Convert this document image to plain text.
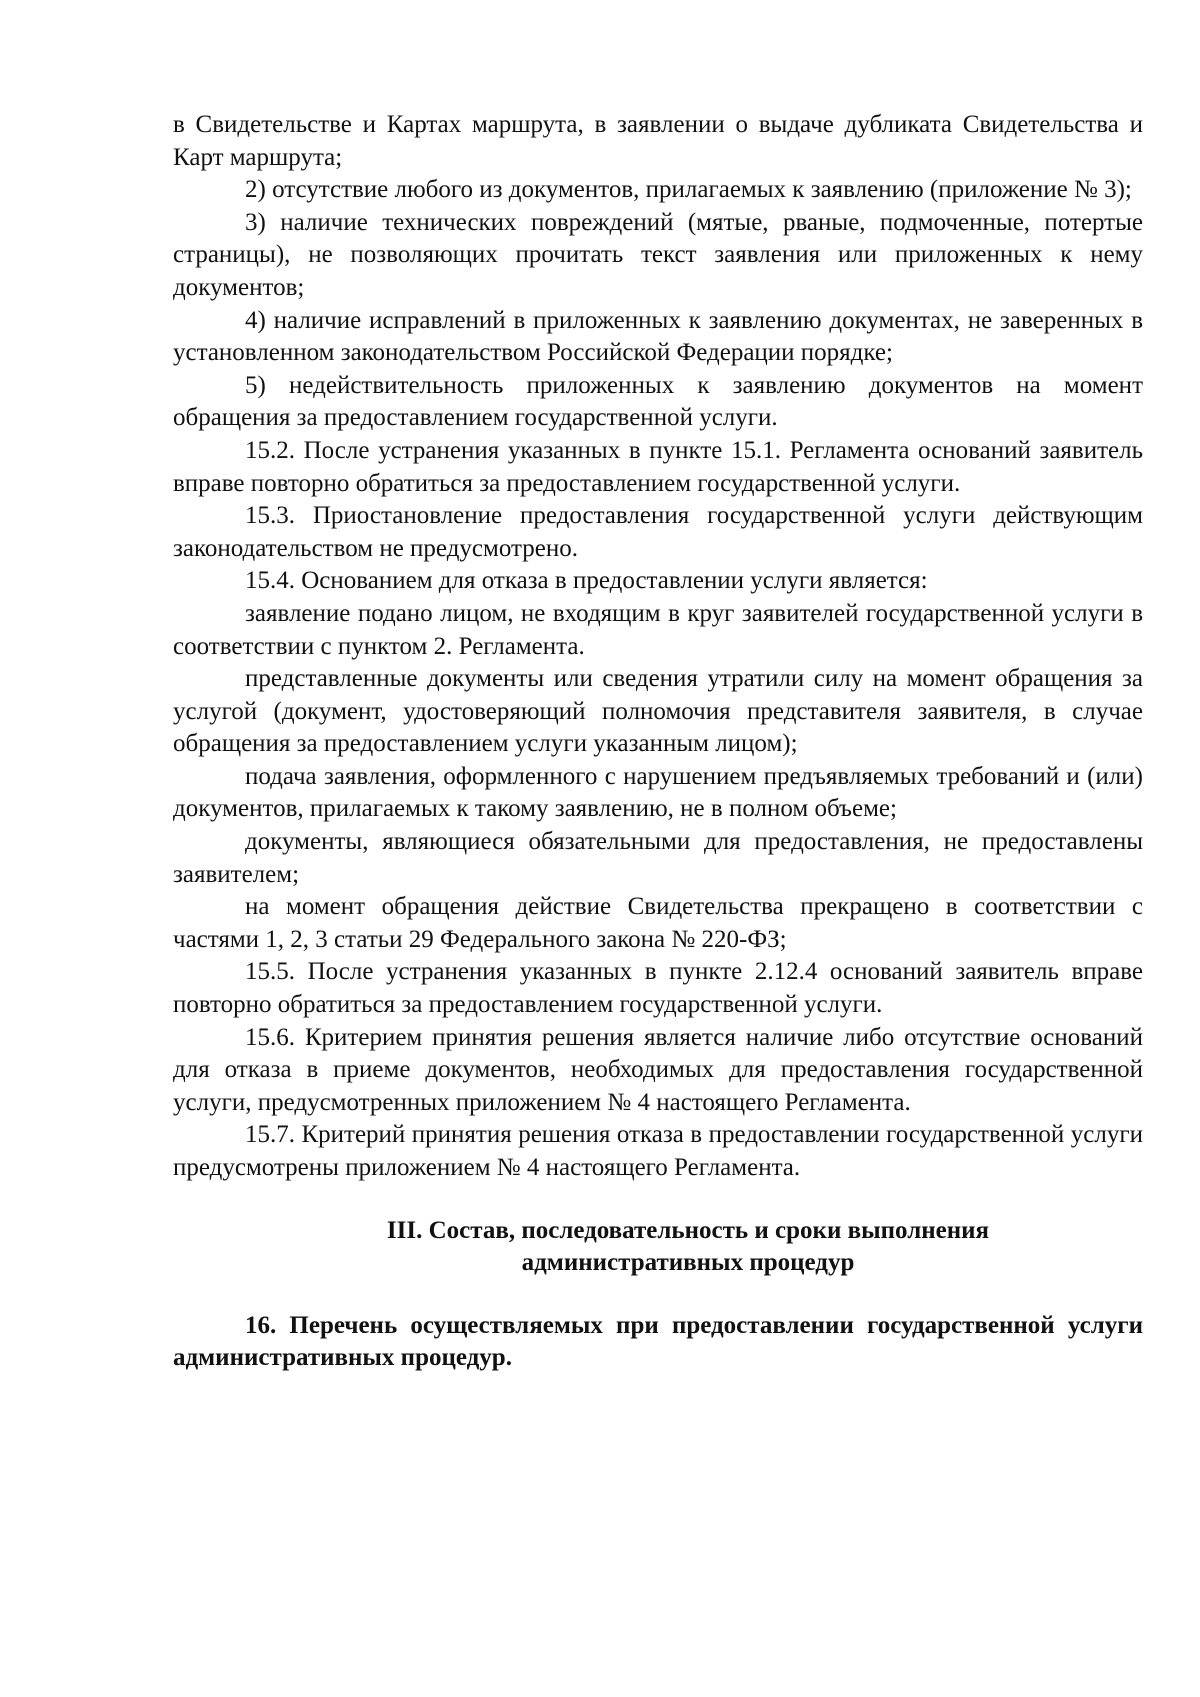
в Свидетельстве и Картах маршрута, в заявлении о выдаче дубликата Свидетельства и Карт маршрута;

2) отсутствие любого из документов, прилагаемых к заявлению (приложение № 3);

3) наличие технических повреждений (мятые, рваные, подмоченные, потертые страницы), не позволяющих прочитать текст заявления или приложенных к нему документов;

4) наличие исправлений в приложенных к заявлению документах, не заверенных в установленном законодательством Российской Федерации порядке;

5) недействительность приложенных к заявлению документов на момент обращения за предоставлением государственной услуги.

15.2. После устранения указанных в пункте 15.1. Регламента оснований заявитель вправе повторно обратиться за предоставлением государственной услуги.

15.3. Приостановление предоставления государственной услуги действующим законодательством не предусмотрено.

15.4. Основанием для отказа в предоставлении услуги является:

заявление подано лицом, не входящим в круг заявителей государственной услуги в соответствии с пунктом 2. Регламента.

представленные документы или сведения утратили силу на момент обращения за услугой (документ, удостоверяющий полномочия представителя заявителя, в случае обращения за предоставлением услуги указанным лицом);

подача заявления, оформленного с нарушением предъявляемых требований и (или) документов, прилагаемых к такому заявлению, не в полном объеме;

документы, являющиеся обязательными для предоставления, не предоставлены заявителем;

на момент обращения действие Свидетельства прекращено в соответствии с частями 1, 2, 3 статьи 29 Федерального закона № 220-ФЗ;

15.5. После устранения указанных в пункте 2.12.4 оснований заявитель вправе повторно обратиться за предоставлением государственной услуги.

15.6. Критерием принятия решения является наличие либо отсутствие оснований для отказа в приеме документов, необходимых для предоставления государственной услуги, предусмотренных приложением № 4 настоящего Регламента.

15.7. Критерий принятия решения отказа в предоставлении государственной услуги предусмотрены приложением № 4 настоящего Регламента.

III. Состав, последовательность и сроки выполнения

административных процедур

16. Перечень осуществляемых при предоставлении государственной услуги административных процедур.
